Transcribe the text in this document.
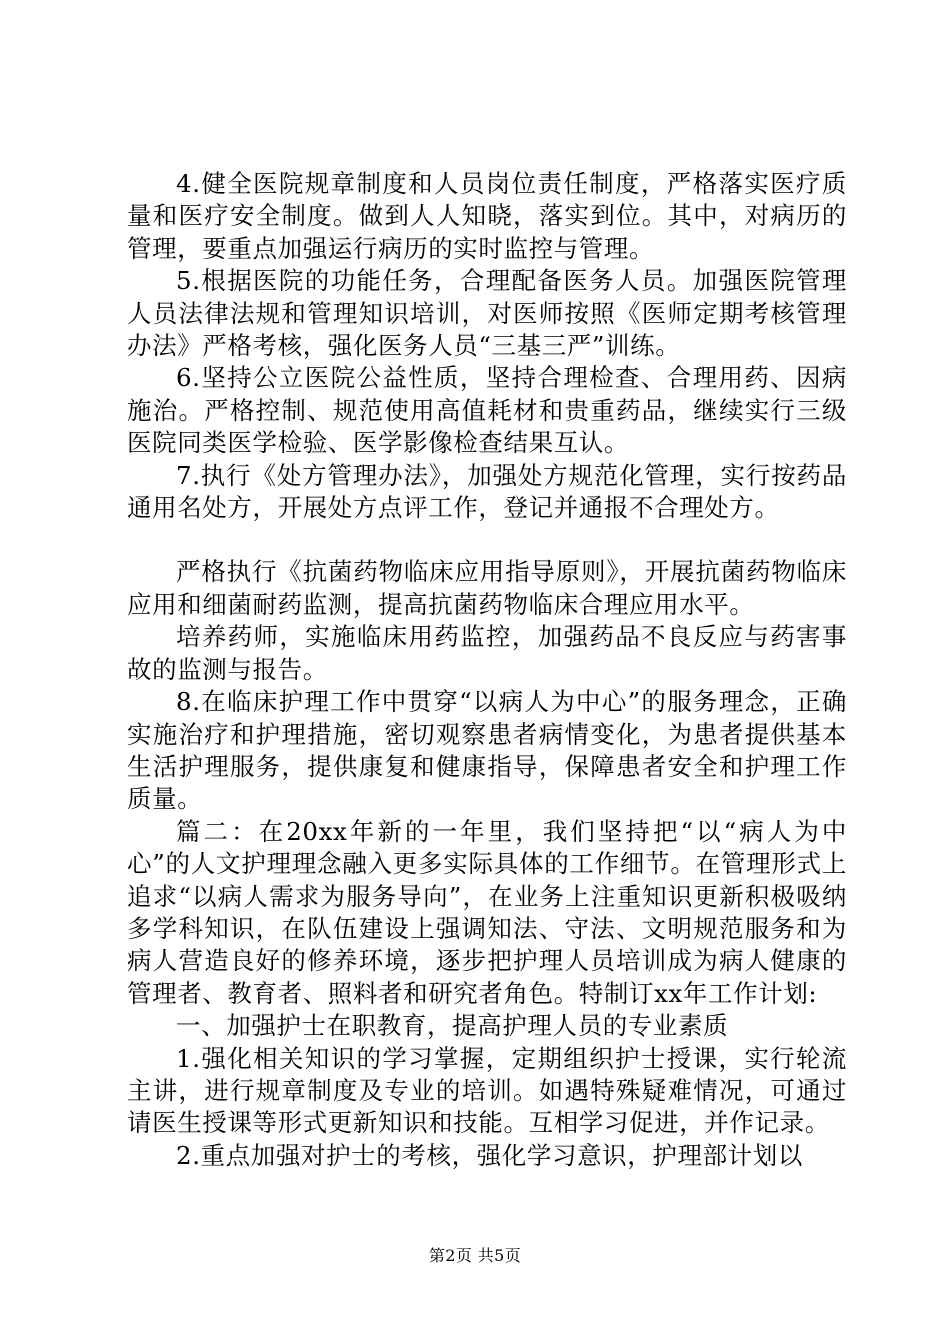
4.健全医院规章制度和人员岗位责任制度，严格落实医疗质量和医疗安全制度。做到人人知晓，落实到位。其中，对病历的管理，要重点加强运行病历的实时监控与管理。

5.根据医院的功能任务，合理配备医务人员。加强医院管理人员法律法规和管理知识培训，对医师按照《医师定期考核管理办法》严格考核，强化医务人员“三基三严”训练。

6.坚持公立医院公益性质，坚持合理检查、合理用药、因病施治。严格控制、规范使用高值耗材和贵重药品，继续实行三级医院同类医学检验、医学影像检查结果互认。

7.执行《处方管理办法》，加强处方规范化管理，实行按药品通用名处方，开展处方点评工作，登记并通报不合理处方。

严格执行《抗菌药物临床应用指导原则》，开展抗菌药物临床应用和细菌耐药监测，提高抗菌药物临床合理应用水平。

培养药师，实施临床用药监控，加强药品不良反应与药害事故的监测与报告。

8.在临床护理工作中贯穿“以病人为中心”的服务理念，正确实施治疗和护理措施，密切观察患者病情变化，为患者提供基本生活护理服务，提供康复和健康指导，保障患者安全和护理工作质量。

篇二：在20xx年新的一年里，我们坚持把“以“病人为中心”的人文护理理念融入更多实际具体的工作细节。在管理形式上追求“以病人需求为服务导向”，在业务上注重知识更新积极吸纳多学科知识，在队伍建设上强调知法、守法、文明规范服务和为病人营造良好的修养环境，逐步把护理人员培训成为病人健康的管理者、教育者、照料者和研究者角色。特制订xx年工作计划:

一、加强护士在职教育，提高护理人员的专业素质

1.强化相关知识的学习掌握，定期组织护士授课，实行轮流主讲，进行规章制度及专业的培训。如遇特殊疑难情况，可通过请医生授课等形式更新知识和技能。互相学习促进，并作记录。

2.重点加强对护士的考核，强化学习意识，护理部计划以

第2页 共5页
